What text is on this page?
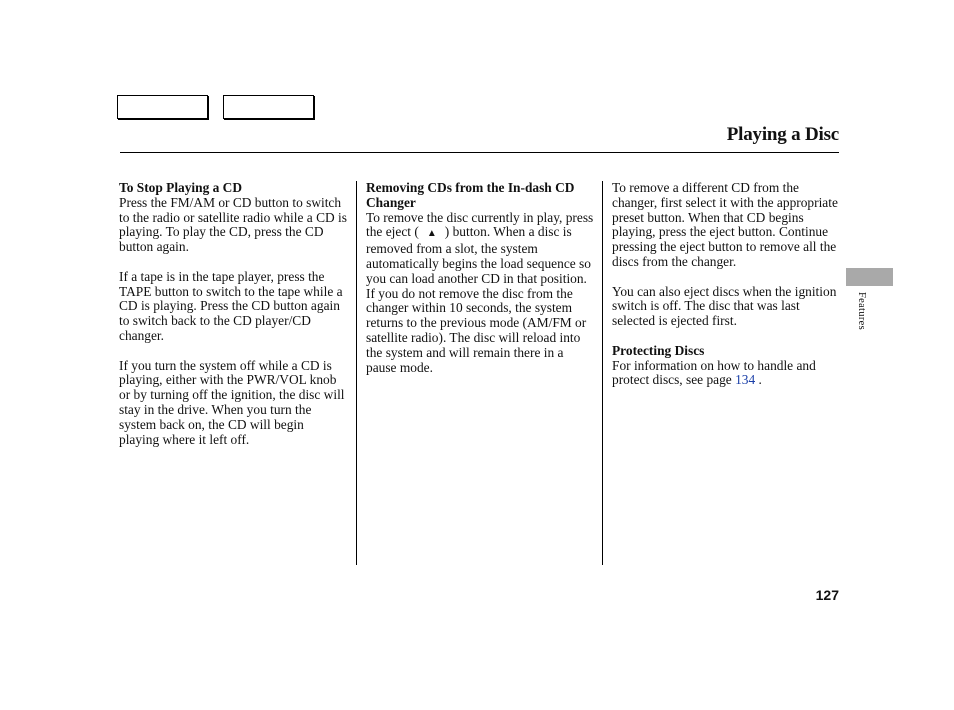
Playing a Disc
To Stop Playing a CD

Press the FM/AM or CD button to switch to the radio or satellite radio while a CD is playing. To play the CD, press the CD button again.

If a tape is in the tape player, press the TAPE button to switch to the tape while a CD is playing. Press the CD button again to switch back to the CD player/CD changer.

If you turn the system off while a CD is playing, either with the PWR/VOL knob or by turning off the ignition, the disc will stay in the drive. When you turn the system back on, the CD will begin playing where it left off.

Removing CDs from the In-dash CD Changer

To remove the disc currently in play, press the eject ( ▲ ) button. When a disc is removed from a slot, the system automatically begins the load sequence so you can load another CD in that position. If you do not remove the disc from the changer within 10 seconds, the system returns to the previous mode (AM/FM or satellite radio). The disc will reload into the system and will remain there in a pause mode.

To remove a different CD from the changer, first select it with the appropriate preset button. When that CD begins playing, press the eject button. Continue pressing the eject button to remove all the discs from the changer.

You can also eject discs when the ignition switch is off. The disc that was last selected is ejected first.

Protecting Discs

For information on how to handle and protect discs, see page 134 .

Features
127
